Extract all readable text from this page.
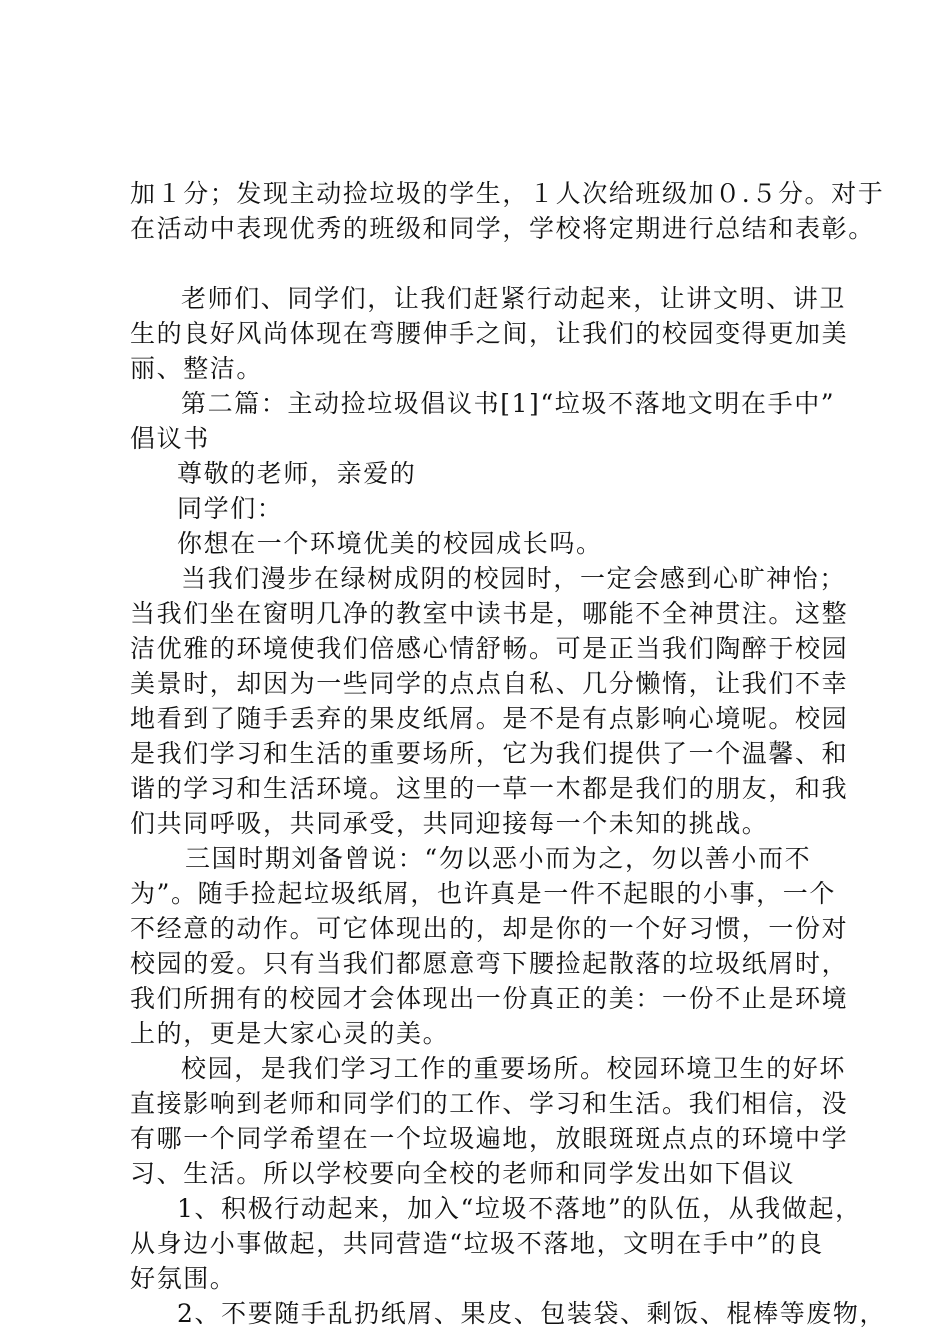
加１分；发现主动捡垃圾的学生，１人次给班级加０.５分。对于
在活动中表现优秀的班级和同学，学校将定期进行总结和表彰。
老师们、同学们，让我们赶紧行动起来，让讲文明、讲卫
生的良好风尚体现在弯腰伸手之间，让我们的校园变得更加美
丽、整洁。
第二篇：主动捡垃圾倡议书[1]“垃圾不落地文明在手中”
倡议书
尊敬的老师，亲爱的
同学们：
你想在一个环境优美的校园成长吗。
当我们漫步在绿树成阴的校园时，一定会感到心旷神怡；
当我们坐在窗明几净的教室中读书是，哪能不全神贯注。这整
洁优雅的环境使我们倍感心情舒畅。可是正当我们陶醉于校园
美景时，却因为一些同学的点点自私、几分懒惰，让我们不幸
地看到了随手丢弃的果皮纸屑。是不是有点影响心境呢。校园
是我们学习和生活的重要场所，它为我们提供了一个温馨、和
谐的学习和生活环境。这里的一草一木都是我们的朋友，和我
们共同呼吸，共同承受，共同迎接每一个未知的挑战。
三国时期刘备曾说：“勿以恶小而为之，勿以善小而不
为”。随手捡起垃圾纸屑，也许真是一件不起眼的小事，一个
不经意的动作。可它体现出的，却是你的一个好习惯，一份对
校园的爱。只有当我们都愿意弯下腰捡起散落的垃圾纸屑时，
我们所拥有的校园才会体现出一份真正的美：一份不止是环境
上的，更是大家心灵的美。
校园，是我们学习工作的重要场所。校园环境卫生的好坏
直接影响到老师和同学们的工作、学习和生活。我们相信，没
有哪一个同学希望在一个垃圾遍地，放眼斑斑点点的环境中学
习、生活。所以学校要向全校的老师和同学发出如下倡议
1、积极行动起来，加入“垃圾不落地”的队伍，从我做起，
从身边小事做起，共同营造“垃圾不落地，文明在手中”的良
好氛围。
2、不要随手乱扔纸屑、果皮、包装袋、剩饭、棍棒等废物，
